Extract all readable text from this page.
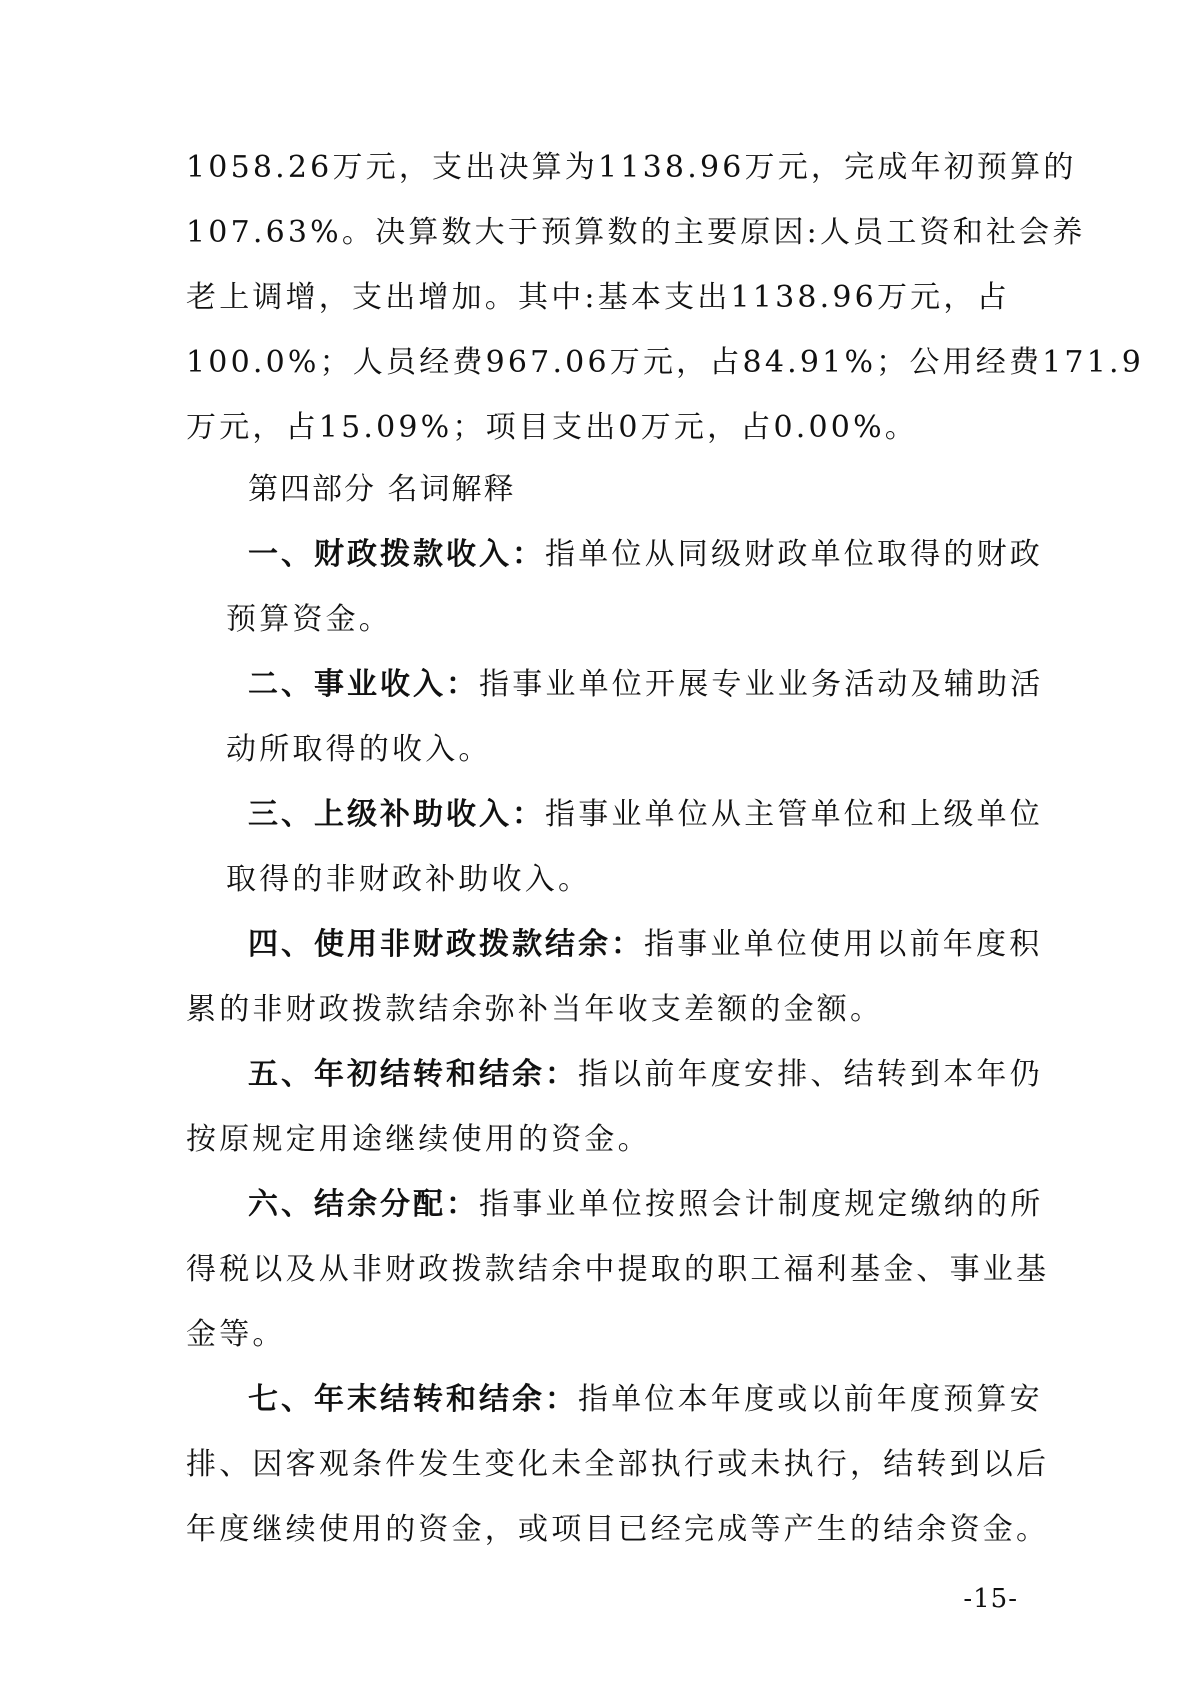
1058.26万元，支出决算为1138.96万元，完成年初预算的
107.63%。决算数大于预算数的主要原因:人员工资和社会养
老上调增，支出增加。其中:基本支出1138.96万元，占
100.0%；人员经费967.06万元，占84.91%；公用经费171.9
万元，占15.09%；项目支出0万元，占0.00%。
第四部分 名词解释
一、财政拨款收入：指单位从同级财政单位取得的财政
预算资金。
二、事业收入：指事业单位开展专业业务活动及辅助活
动所取得的收入。
三、上级补助收入：指事业单位从主管单位和上级单位
取得的非财政补助收入。
四、使用非财政拨款结余：指事业单位使用以前年度积
累的非财政拨款结余弥补当年收支差额的金额。
五、年初结转和结余：指以前年度安排、结转到本年仍
按原规定用途继续使用的资金。
六、结余分配：指事业单位按照会计制度规定缴纳的所
得税以及从非财政拨款结余中提取的职工福利基金、事业基
金等。
七、年末结转和结余：指单位本年度或以前年度预算安
排、因客观条件发生变化未全部执行或未执行，结转到以后
年度继续使用的资金，或项目已经完成等产生的结余资金。
-15-
